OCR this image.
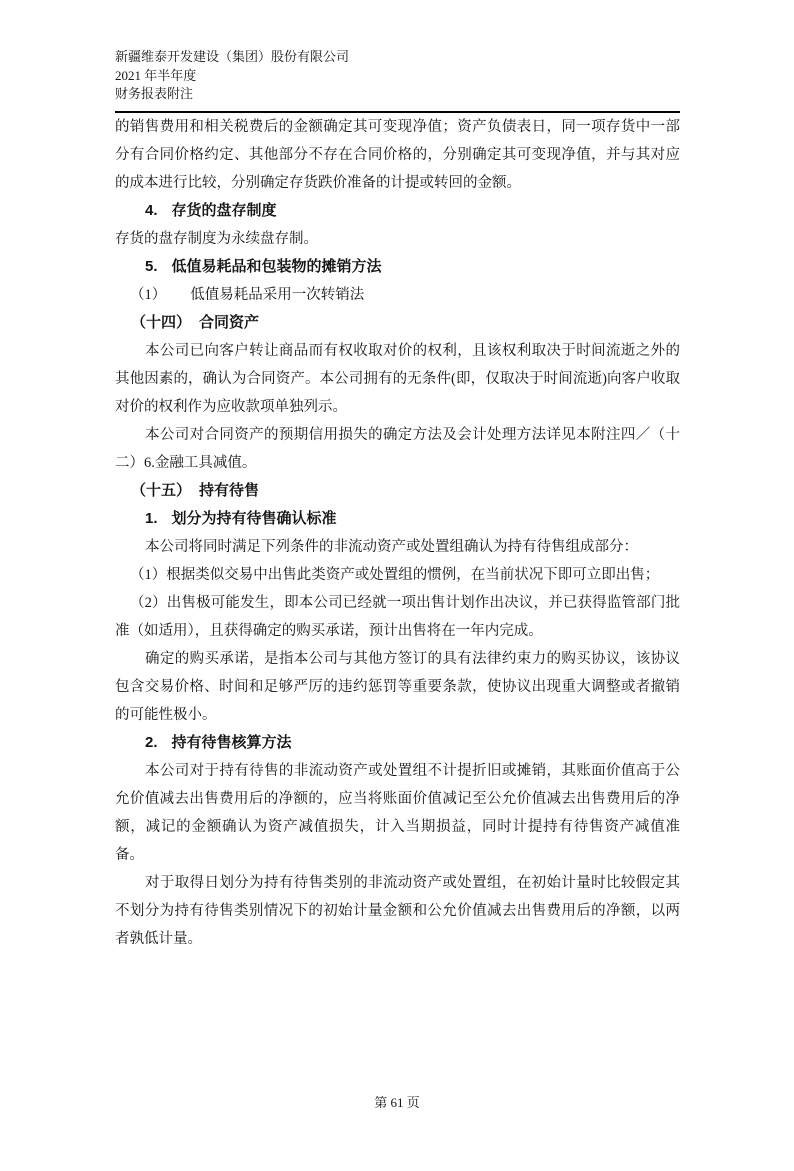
新疆维泰开发建设（集团）股份有限公司
2021 年半年度
财务报表附注

的销售费用和相关税费后的金额确定其可变现净值；资产负债表日，同一项存货中一部分有合同价格约定、其他部分不存在合同价格的，分别确定其可变现净值，并与其对应的成本进行比较，分别确定存货跌价准备的计提或转回的金额。

4. 存货的盘存制度

存货的盘存制度为永续盘存制。

5. 低值易耗品和包装物的摊销方法

（1） 低值易耗品采用一次转销法

（十四） 合同资产

本公司已向客户转让商品而有权收取对价的权利，且该权利取决于时间流逝之外的其他因素的，确认为合同资产。本公司拥有的无条件(即，仅取决于时间流逝)向客户收取对价的权利作为应收款项单独列示。

本公司对合同资产的预期信用损失的确定方法及会计处理方法详见本附注四／（十二）6.金融工具减值。

（十五） 持有待售

1. 划分为持有待售确认标准

本公司将同时满足下列条件的非流动资产或处置组确认为持有待售组成部分：

（1）根据类似交易中出售此类资产或处置组的惯例，在当前状况下即可立即出售；

（2）出售极可能发生，即本公司已经就一项出售计划作出决议，并已获得监管部门批准（如适用），且获得确定的购买承诺，预计出售将在一年内完成。

确定的购买承诺，是指本公司与其他方签订的具有法律约束力的购买协议，该协议包含交易价格、时间和足够严厉的违约惩罚等重要条款，使协议出现重大调整或者撤销的可能性极小。

2. 持有待售核算方法

本公司对于持有待售的非流动资产或处置组不计提折旧或摊销，其账面价值高于公允价值减去出售费用后的净额的，应当将账面价值减记至公允价值减去出售费用后的净额，减记的金额确认为资产减值损失，计入当期损益，同时计提持有待售资产减值准备。

对于取得日划分为持有待售类别的非流动资产或处置组，在初始计量时比较假定其不划分为持有待售类别情况下的初始计量金额和公允价值减去出售费用后的净额，以两者孰低计量。

第 61 页
